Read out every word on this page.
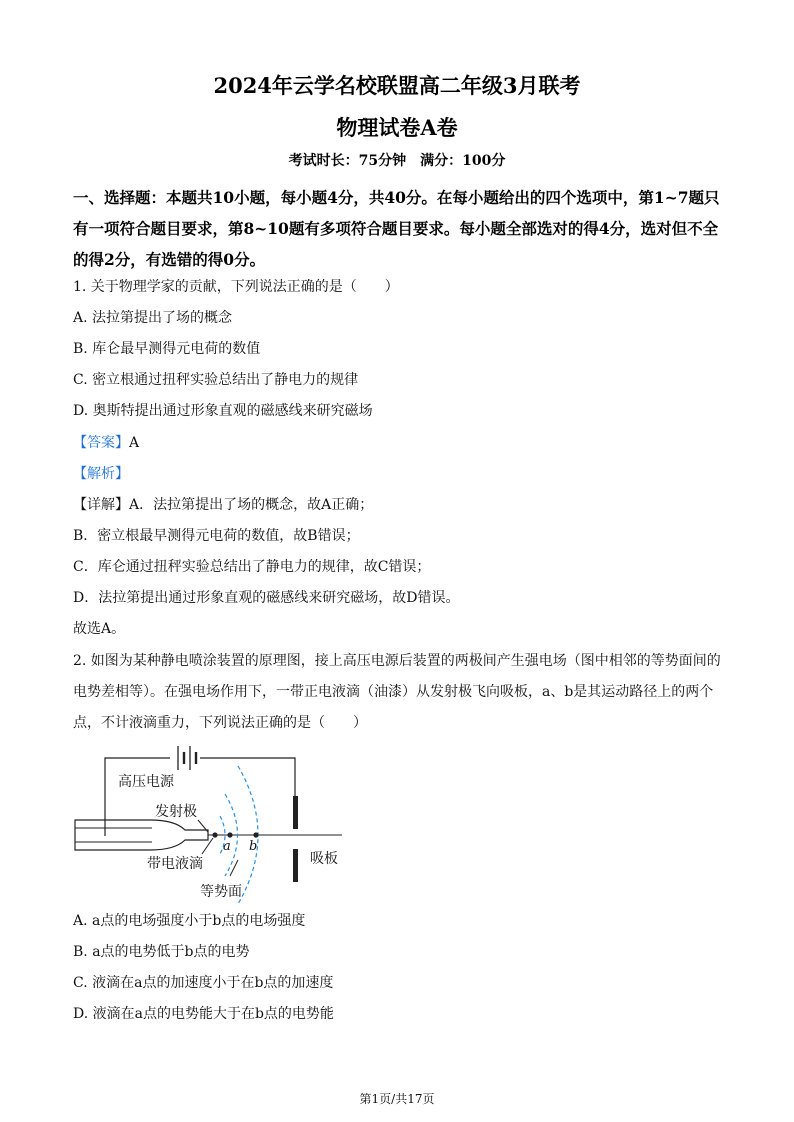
2024年云学名校联盟高二年级3月联考
物理试卷A卷
考试时长：75分钟　满分：100分
一、选择题：本题共10小题，每小题4分，共40分。在每小题给出的四个选项中，第1~7题只有一项符合题目要求，第8~10题有多项符合题目要求。每小题全部选对的得4分，选对但不全的得2分，有选错的得0分。
1. 关于物理学家的贡献，下列说法正确的是（　　）
A. 法拉第提出了场的概念
B. 库仑最早测得元电荷的数值
C. 密立根通过扭秤实验总结出了静电力的规律
D. 奥斯特提出通过形象直观的磁感线来研究磁场
【答案】A
【解析】
【详解】A．法拉第提出了场的概念，故A正确；
B．密立根最早测得元电荷的数值，故B错误；
C．库仑通过扭秤实验总结出了静电力的规律，故C错误；
D．法拉第提出通过形象直观的磁感线来研究磁场，故D错误。
故选A。
2. 如图为某种静电喷涂装置的原理图，接上高压电源后装置的两极间产生强电场（图中相邻的等势面间的
电势差相等）。在强电场作用下，一带正电液滴（油漆）从发射极飞向吸板，a、b是其运动路径上的两个
点，不计液滴重力，下列说法正确的是（　　）
高压电源
发射极
带电液滴
等势面
吸板
a b
A. a点的电场强度小于b点的电场强度
B. a点的电势低于b点的电势
C. 液滴在a点的加速度小于在b点的加速度
D. 液滴在a点的电势能大于在b点的电势能
第1页/共17页
